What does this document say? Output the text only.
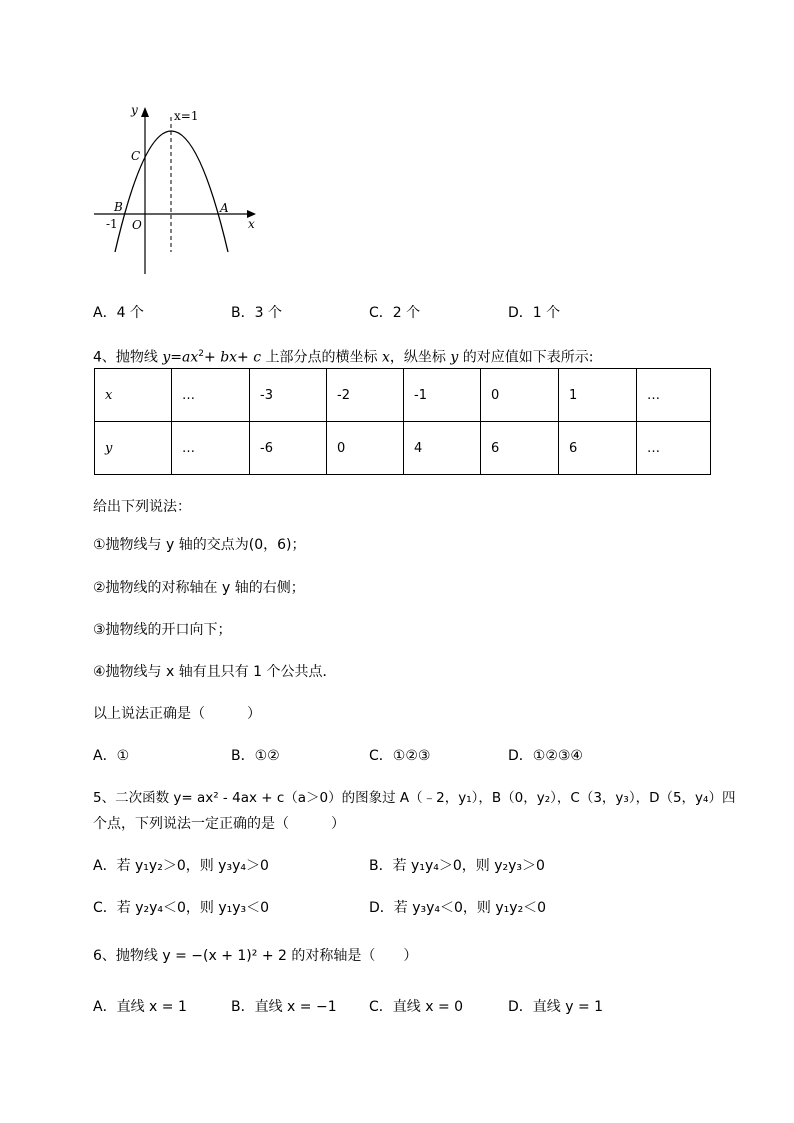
y	x=1
C
B	A
-1 O	x
A．4 个	B．3 个	C．2 个	D．1 个
4、抛物线 $y=ax^2+ bx+ c$ 上部分点的横坐标 x，纵坐标 y 的对应值如下表所示:
x	…	-3	-2	-1	0	1	…
y	…	-6	0	4	6	6	…
给出下列说法：
①抛物线与 y 轴的交点为(0，6)；
②抛物线的对称轴在 y 轴的右侧；
③抛物线的开口向下；
④抛物线与 x 轴有且只有 1 个公共点．
以上说法正确是（　　　）
A．①	B．①②	C．①②③	D．①②③④
5、二次函数 y= ax² - 4ax + c（a＞0）的图象过 A（﹣2，y₁），B（0，y₂），C（3，y₃），D（5，y₄）四
个点，下列说法一定正确的是（　　　）
A．若 y₁y₂＞0，则 y₃y₄＞0	B．若 y₁y₄＞0，则 y₂y₃＞0
C．若 y₂y₄＜0，则 y₁y₃＜0	D．若 y₃y₄＜0，则 y₁y₂＜0
6、抛物线 y = −(x + 1)² + 2 的对称轴是（　　）
A．直线 x = 1	B．直线 x = −1 C．直线 x = 0	D．直线 y = 1
